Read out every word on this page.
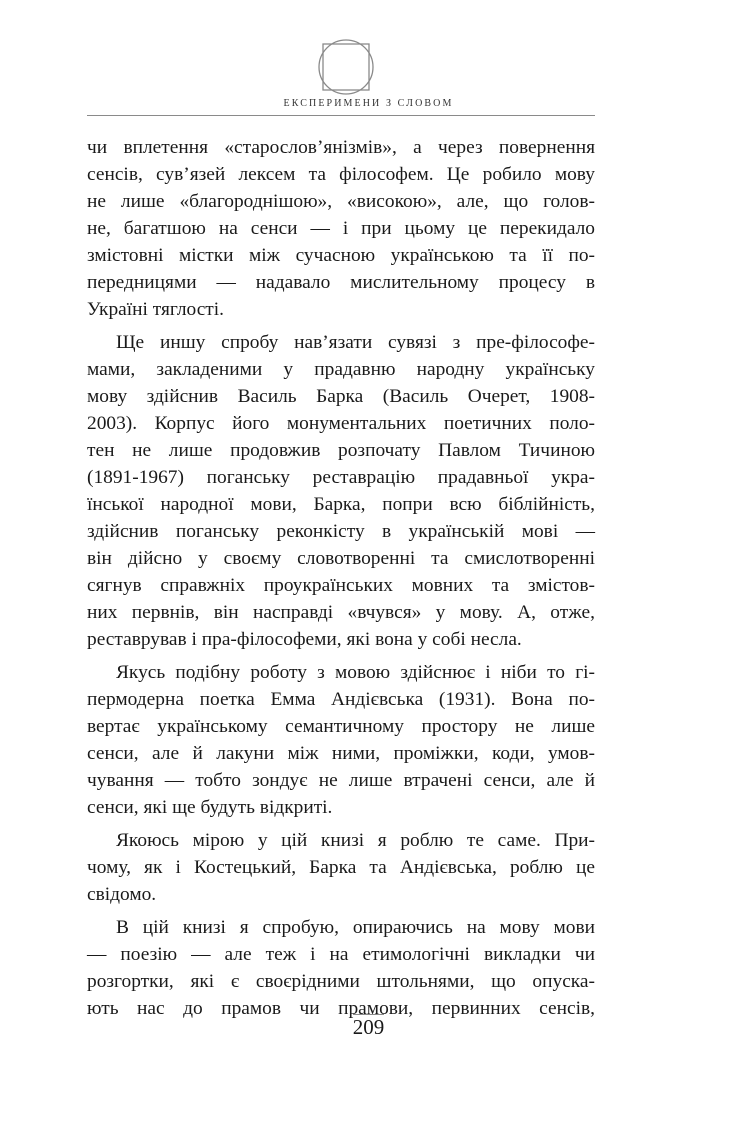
ЕКСПЕРИМЕНИ З СЛОВОМ
чи вплетення «старослов’янізмів», а через повернення
сенсів, сув’язей лексем та філософем. Це робило мову
не лише «благороднішою», «високою», але, що голов-
не, багатшою на сенси — і при цьому це перекидало
змістовні містки між сучасною українською та її по-
передницями — надавало мислительному процесу в
Україні тяглості.
Ще иншу спробу нав’язати сувязі з пре-філософе-
мами, закладеними у прадавню народну українську
мову здійснив Василь Барка (Василь Очерет, 1908-
2003). Корпус його монументальних поетичних поло-
тен не лише продовжив розпочату Павлом Тичиною
(1891-1967) поганську реставрацію прадавньої укра-
їнської народної мови, Барка, попри всю біблійність,
здійснив поганську реконкісту в українській мові —
він дійсно у своєму словотворенні та смислотворенні
сягнув справжніх проукраїнських мовних та змістов-
них первнів, він насправді «вчувся» у мову. А, отже,
реставрував і пра-філософеми, які вона у собі несла.
Якусь подібну роботу з мовою здійснює і ніби то гі-
пермодерна поетка Емма Андієвська (1931). Вона по-
вертає українському семантичному простору не лише
сенси, але й лакуни між ними, проміжки, коди, умов-
чування — тобто зондує не лише втрачені сенси, але й
сенси, які ще будуть відкриті.
Якоюсь мірою у цій книзі я роблю те саме. При-
чому, як і Костецький, Барка та Андієвська, роблю це
свідомо.
В цій книзі я спробую, опираючись на мову мови
— поезію — але теж і на етимологічні викладки чи
розгортки, які є своєрідними штольнями, що опуска-
ють нас до прамов чи прамови, первинних сенсів,
209
